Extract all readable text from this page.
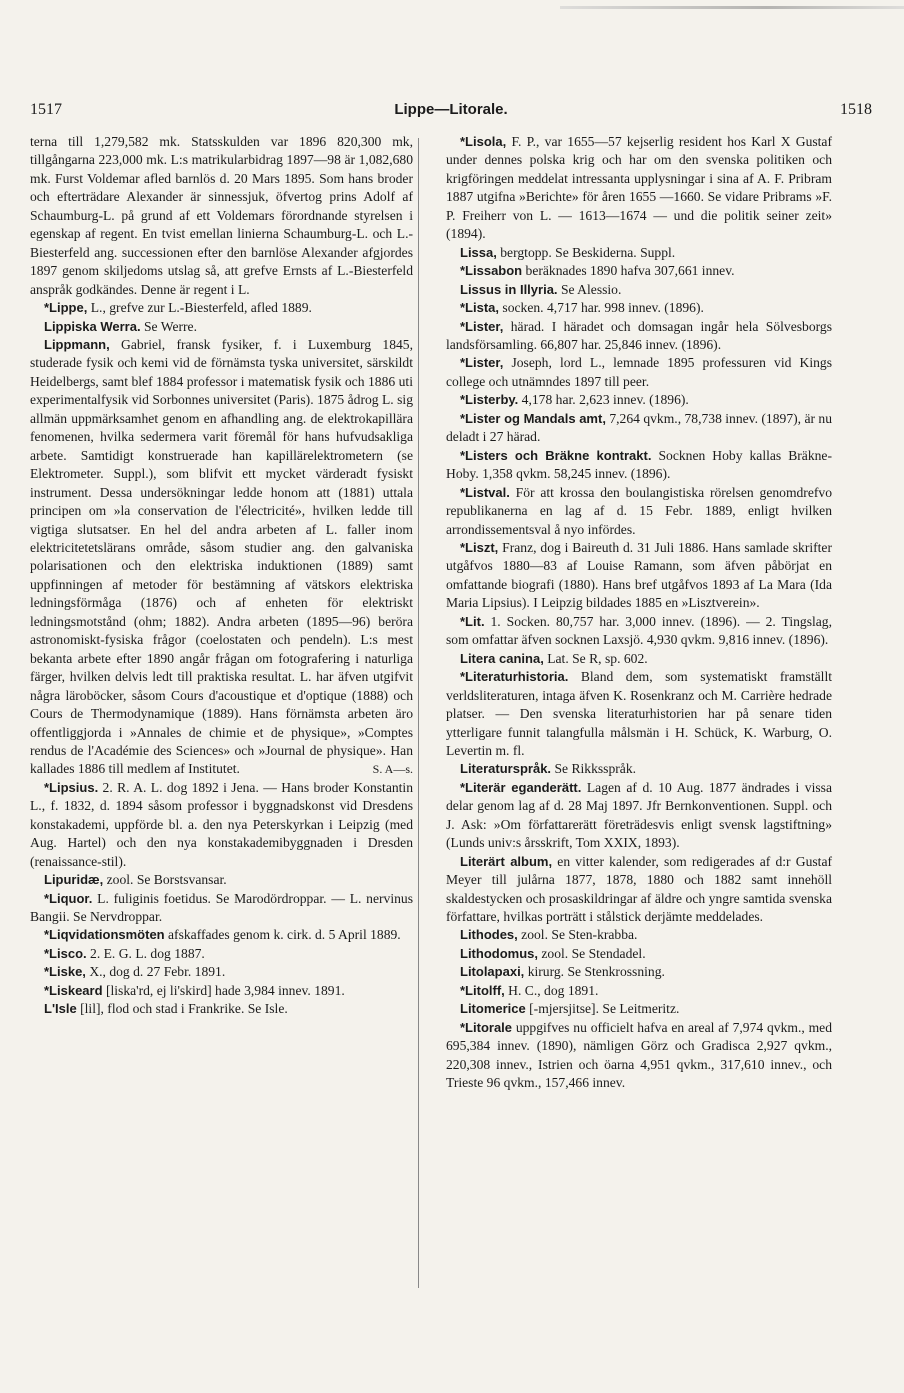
1517	Lippe—Litorale.	1518

terna till 1,279,582 mk. Statsskulden var 1896 820,300 mk, tillgångarna 223,000 mk. L:s matrikularbidrag 1897—98 är 1,082,680 mk. Furst Voldemar afled barnlös d. 20 Mars 1895. Som hans broder och efterträdare Alexander är sinnessjuk, öfvertog prins Adolf af Schaumburg-L. på grund af ett Voldemars förordnande styrelsen i egenskap af regent. En tvist emellan linierna Schaumburg-L. och L.-Biesterfeld ang. successionen efter den barnlöse Alexander afgjordes 1897 genom skiljedoms utslag så, att grefve Ernsts af L.-Biesterfeld anspråk godkändes. Denne är regent i L.

*Lippe, L., grefve zur L.-Biesterfeld, afled 1889.

Lippiska Werra. Se Werre.

Lippmann, Gabriel, fransk fysiker, f. i Luxemburg 1845, studerade fysik och kemi vid de förnämsta tyska universitet, särskildt Heidelbergs, samt blef 1884 professor i matematisk fysik och 1886 uti experimentalfysik vid Sorbonnes universitet (Paris). 1875 ådrog L. sig allmän uppmärksamhet genom en afhandling ang. de elektrokapillära fenomenen, hvilka sedermera varit föremål för hans hufvudsakliga arbete. Samtidigt konstruerade han kapillärelektrometern (se Elektrometer. Suppl.), som blifvit ett mycket värderadt fysiskt instrument. Dessa undersökningar ledde honom att (1881) uttala principen om »la conservation de l'électricité», hvilken ledde till vigtiga slutsatser. En hel del andra arbeten af L. faller inom elektricitetetslärans område, såsom studier ang. den galvaniska polarisationen och den elektriska induktionen (1889) samt uppfinningen af metoder för bestämning af vätskors elektriska ledningsförmåga (1876) och af enheten för elektriskt ledningsmotstånd (ohm; 1882). Andra arbeten (1895—96) beröra astronomiskt-fysiska frågor (coelostaten och pendeln). L:s mest bekanta arbete efter 1890 angår frågan om fotografering i naturliga färger, hvilken delvis ledt till praktiska resultat. L. har äfven utgifvit några läroböcker, såsom Cours d'acoustique et d'optique (1888) och Cours de Thermodynamique (1889). Hans förnämsta arbeten äro offentliggjorda i »Annales de chimie et de physique», »Comptes rendus de l'Académie des Sciences» och »Journal de physique». Han kallades 1886 till medlem af Institutet.	S. A—s.

*Lipsius. 2. R. A. L. dog 1892 i Jena. — Hans broder Konstantin L., f. 1832, d. 1894 såsom professor i byggnadskonst vid Dresdens konstakademi, uppförde bl. a. den nya Peterskyrkan i Leipzig (med Aug. Hartel) och den nya konstakademibyggnaden i Dresden (renaissance-stil).

Lipuridæ, zool. Se Borstsvansar.

*Liquor. L. fuliginis foetidus. Se Marodördroppar. — L. nervinus Bangii. Se Nervdroppar.

*Liqvidationsmöten afskaffades genom k. cirk. d. 5 April 1889.

*Lisco. 2. E. G. L. dog 1887.

*Liske, X., dog d. 27 Febr. 1891.

*Liskeard [liska'rd, ej li'skird] hade 3,984 innev. 1891.

L'Isle [lil], flod och stad i Frankrike. Se Isle.

*Lisola, F. P., var 1655—57 kejserlig resident hos Karl X Gustaf under dennes polska krig och har om den svenska politiken och krigföringen meddelat intressanta upplysningar i sina af A. F. Pribram 1887 utgifna »Berichte» för åren 1655 —1660. Se vidare Pribrams »F. P. Freiherr von L. — 1613—1674 — und die politik seiner zeit» (1894).

Lissa, bergtopp. Se Beskiderna. Suppl.

*Lissabon beräknades 1890 hafva 307,661 innev.

Lissus in Illyria. Se Alessio.

*Lista, socken. 4,717 har. 998 innev. (1896).

*Lister, härad. I häradet och domsagan ingår hela Sölvesborgs landsförsamling. 66,807 har. 25,846 innev. (1896).

*Lister, Joseph, lord L., lemnade 1895 professuren vid Kings college och utnämndes 1897 till peer.

*Listerby. 4,178 har. 2,623 innev. (1896).

*Lister og Mandals amt, 7,264 qvkm., 78,738 innev. (1897), är nu deladt i 27 härad.

*Listers och Bräkne kontrakt. Socknen Hoby kallas Bräkne-Hoby. 1,358 qvkm. 58,245 innev. (1896).

*Listval. För att krossa den boulangistiska rörelsen genomdrefvo republikanerna en lag af d. 15 Febr. 1889, enligt hvilken arrondissementsval å nyo infördes.

*Liszt, Franz, dog i Baireuth d. 31 Juli 1886. Hans samlade skrifter utgåfvos 1880—83 af Louise Ramann, som äfven påbörjat en omfattande biografi (1880). Hans bref utgåfvos 1893 af La Mara (Ida Maria Lipsius). I Leipzig bildades 1885 en »Lisztverein».

*Lit. 1. Socken. 80,757 har. 3,000 innev. (1896). — 2. Tingslag, som omfattar äfven socknen Laxsjö. 4,930 qvkm. 9,816 innev. (1896).

Litera canina, Lat. Se R, sp. 602.

*Literaturhistoria. Bland dem, som systematiskt framställt verldsliteraturen, intaga äfven K. Rosenkranz och M. Carrière hedrade platser. — Den svenska literaturhistorien har på senare tiden ytterligare funnit talangfulla målsmän i H. Schück, K. Warburg, O. Levertin m. fl.

Literaturspråk. Se Rikksspråk.

*Literär eganderätt. Lagen af d. 10 Aug. 1877 ändrades i vissa delar genom lag af d. 28 Maj 1897. Jfr Bernkonventionen. Suppl. och J. Ask: »Om författarerätt företrädesvis enligt svensk lagstiftning» (Lunds univ:s årsskrift, Tom XXIX, 1893).

Literärt album, en vitter kalender, som redigerades af d:r Gustaf Meyer till julårna 1877, 1878, 1880 och 1882 samt innehöll skaldestycken och prosaskildringar af äldre och yngre samtida svenska författare, hvilkas porträtt i stålstick derjämte meddelades.

Lithodes, zool. Se Sten-krabba.

Lithodomus, zool. Se Stendadel.

Litolapaxi, kirurg. Se Stenkrossning.

*Litolff, H. C., dog 1891.

Litomerice [-mjersjitse]. Se Leitmeritz.

*Litorale uppgifves nu officielt hafva en areal af 7,974 qvkm., med 695,384 innev. (1890), nämligen Görz och Gradisca 2,927 qvkm., 220,308 innev., Istrien och öarna 4,951 qvkm., 317,610 innev., och Trieste 96 qvkm., 157,466 innev.
